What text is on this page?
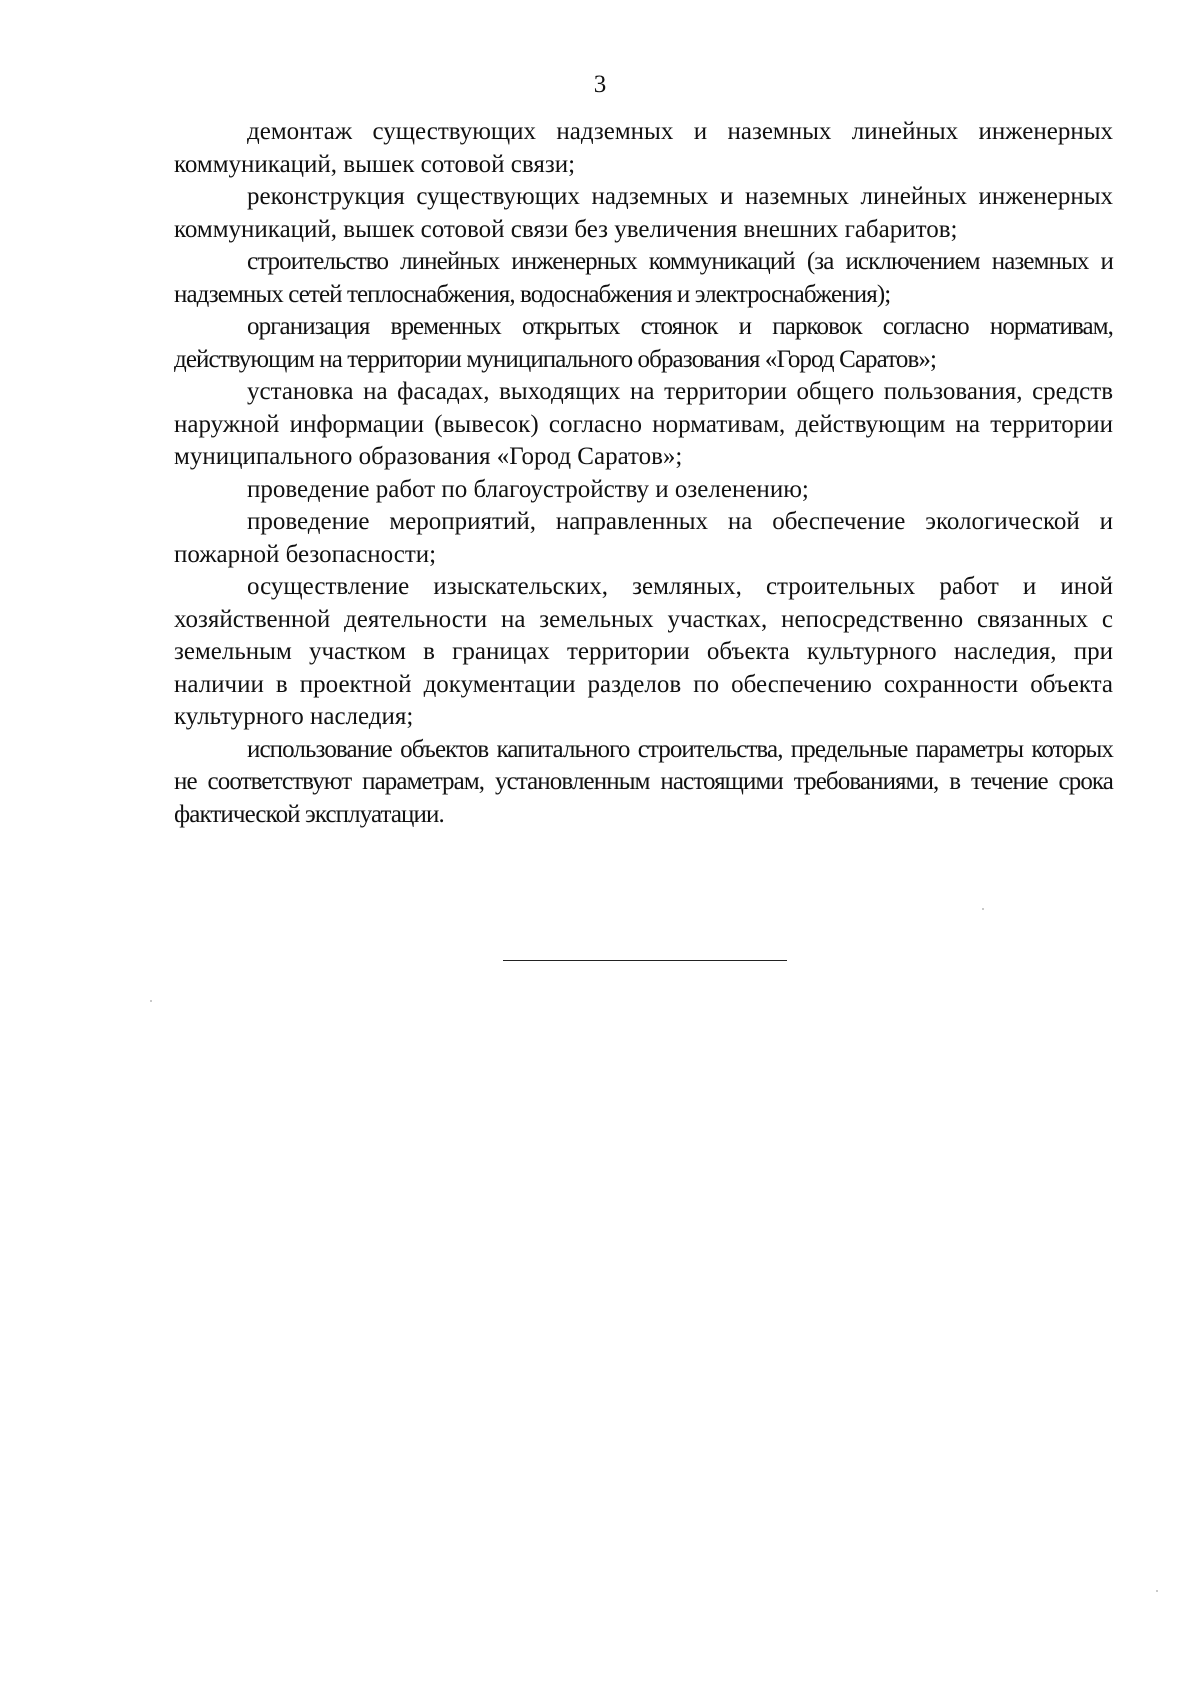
3

демонтаж существующих надземных и наземных линейных инженерных коммуникаций, вышек сотовой связи;

реконструкция существующих надземных и наземных линейных инженерных коммуникаций, вышек сотовой связи без увеличения внешних габаритов;

строительство линейных инженерных коммуникаций (за исключением наземных и надземных сетей теплоснабжения, водоснабжения и электроснабжения);

организация временных открытых стоянок и парковок согласно нормативам, действующим на территории муниципального образования «Город Саратов»;

установка на фасадах, выходящих на территории общего пользования, средств наружной информации (вывесок) согласно нормативам, действующим на территории муниципального образования «Город Саратов»;

проведение работ по благоустройству и озеленению;

проведение мероприятий, направленных на обеспечение экологической и пожарной безопасности;

осуществление изыскательских, земляных, строительных работ и иной хозяйственной деятельности на земельных участках, непосредственно связанных с земельным участком в границах территории объекта культурного наследия, при наличии в проектной документации разделов по обеспечению сохранности объекта культурного наследия;

использование объектов капитального строительства, предельные параметры которых не соответствуют параметрам, установленным настоящими требованиями, в течение срока фактической эксплуатации.
